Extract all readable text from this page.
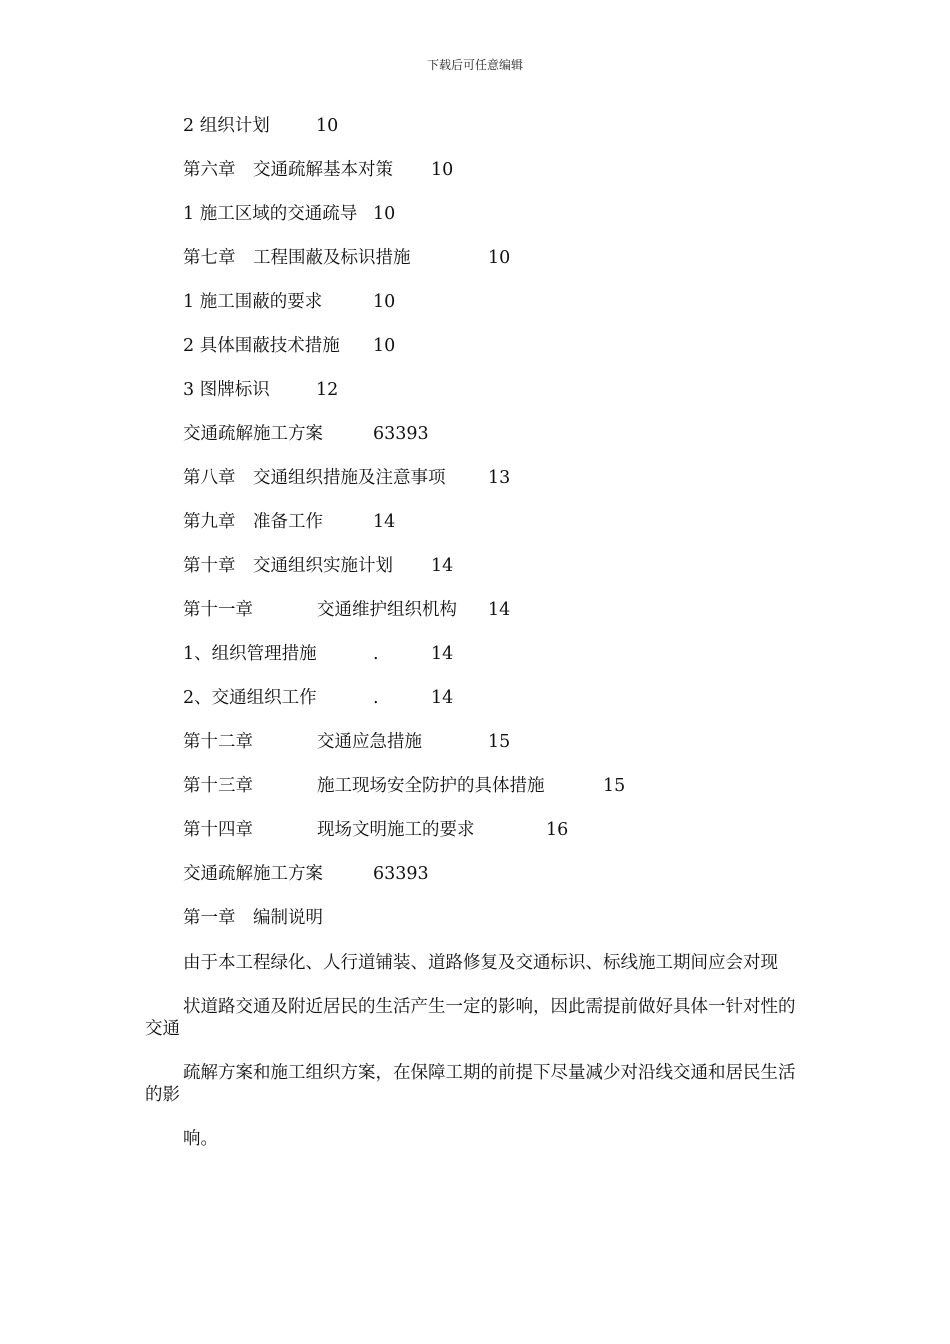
下载后可任意编辑
2 组织计划	10
第六章　交通疏解基本对策 10
1 施工区域的交通疏导 10
第七章　工程围蔽及标识措施	10
1 施工围蔽的要求	10
2 具体围蔽技术措施 10
3 图牌标识	12
交通疏解施工方案	63393
第八章　交通组织措施及注意事项 13
第九章　准备工作	14
第十章　交通组织实施计划 14
第十一章	交通维护组织机构 14
1、组织管理措施	.	14
2、交通组织工作	.	14
第十二章	交通应急措施	15
第十三章	施工现场安全防护的具体措施	15
第十四章	现场文明施工的要求	16
交通疏解施工方案	63393
第一章　编制说明

由于本工程绿化、人行道铺装、道路修复及交通标识、标线施工期间应会对现

状道路交通及附近居民的生活产生一定的影响，因此需提前做好具体一针对性的交通

疏解方案和施工组织方案，在保障工期的前提下尽量减少对沿线交通和居民生活的影

响。
